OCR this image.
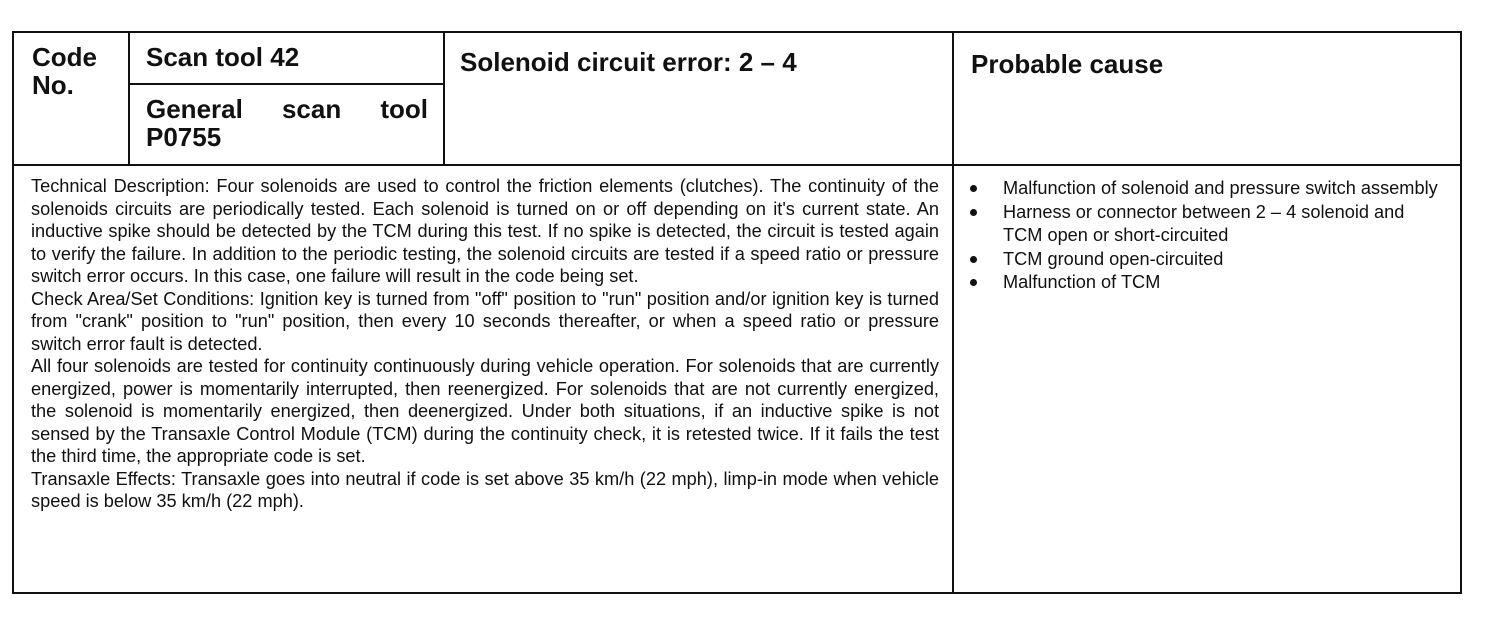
Code No.
Scan tool 42
General scan tool
P0755
Solenoid circuit error: 2 – 4	Probable cause

Technical Description: Four solenoids are used to control the friction elements (clutches). The continuity of the solenoids circuits are periodically tested. Each solenoid is turned on or off depending on it's current state. An inductive spike should be detected by the TCM during this test. If no spike is detected, the circuit is tested again to verify the failure. In addition to the periodic testing, the solenoid circuits are tested if a speed ratio or pressure switch error occurs. In this case, one failure will result in the code being set.

Check Area/Set Conditions: Ignition key is turned from "off" position to "run" position and/or ignition key is turned from "crank" position to "run" position, then every 10 seconds thereafter, or when a speed ratio or pressure switch error fault is detected.

All four solenoids are tested for continuity continuously during vehicle operation. For solenoids that are currently energized, power is momentarily interrupted, then reenergized. For solenoids that are not currently energized, the solenoid is momentarily energized, then deenergized. Under both situations, if an inductive spike is not sensed by the Transaxle Control Module (TCM) during the continuity check, it is retested twice. If it fails the test the third time, the appropriate code is set.

Transaxle Effects: Transaxle goes into neutral if code is set above 35 km/h (22 mph), limp-in mode when vehicle speed is below 35 km/h (22 mph).

Malfunction of solenoid and pressure switch assembly
Harness or connector between 2 – 4 solenoid and TCM open or short-circuited
TCM ground open-circuited
Malfunction of TCM
